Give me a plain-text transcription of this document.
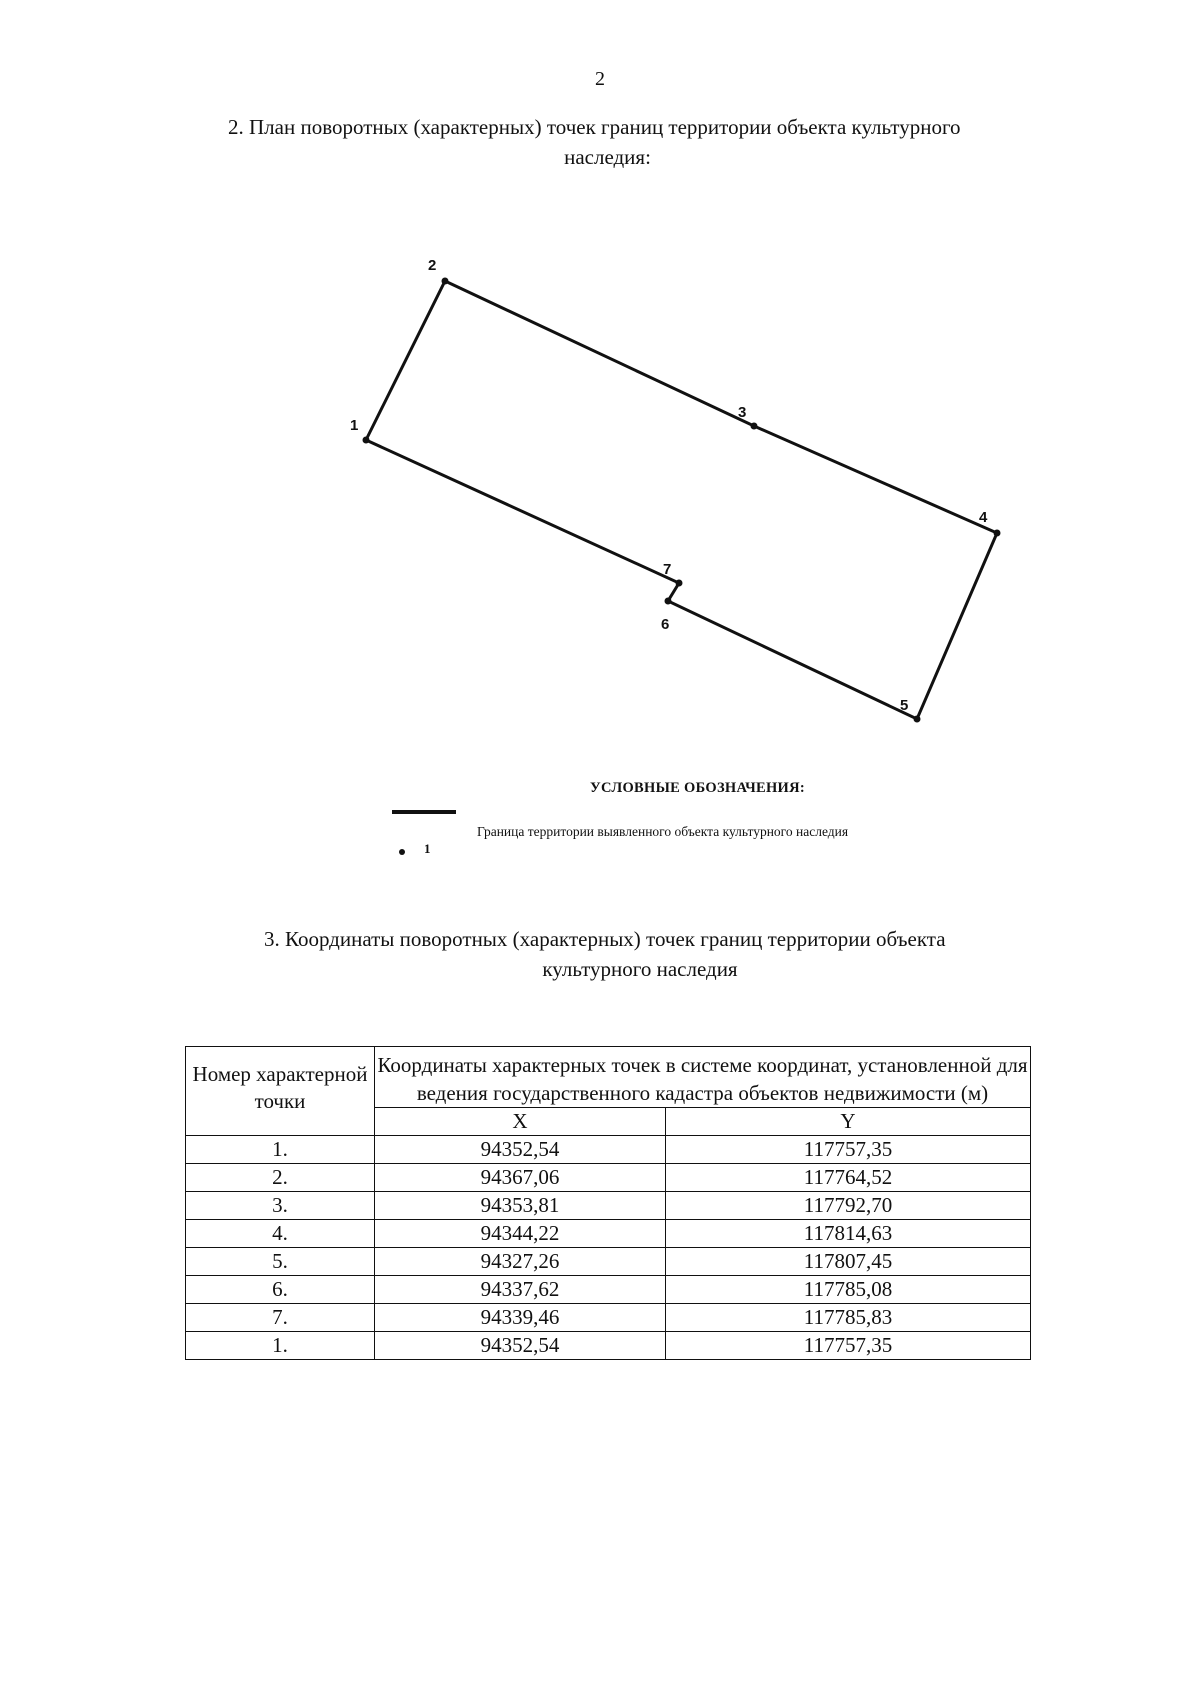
2
2. План поворотных (характерных) точек границ территории объекта культурного
наследия:
1
2
3
4
5
6
7
УСЛОВНЫЕ ОБОЗНАЧЕНИЯ:
1
Граница территории выявленного объекта культурного наследия
3. Координаты поворотных (характерных) точек границ территории объекта
культурного наследия
Номер характерной точки	Координаты характерных точек в системе координат, установленной для ведения государственного кадастра объектов недвижимости (м)	
	X	Y
1.	94352,54	117757,35
2.	94367,06	117764,52
3.	94353,81	117792,70
4.	94344,22	117814,63
5.	94327,26	117807,45
6.	94337,62	117785,08
7.	94339,46	117785,83
1.	94352,54	117757,35
